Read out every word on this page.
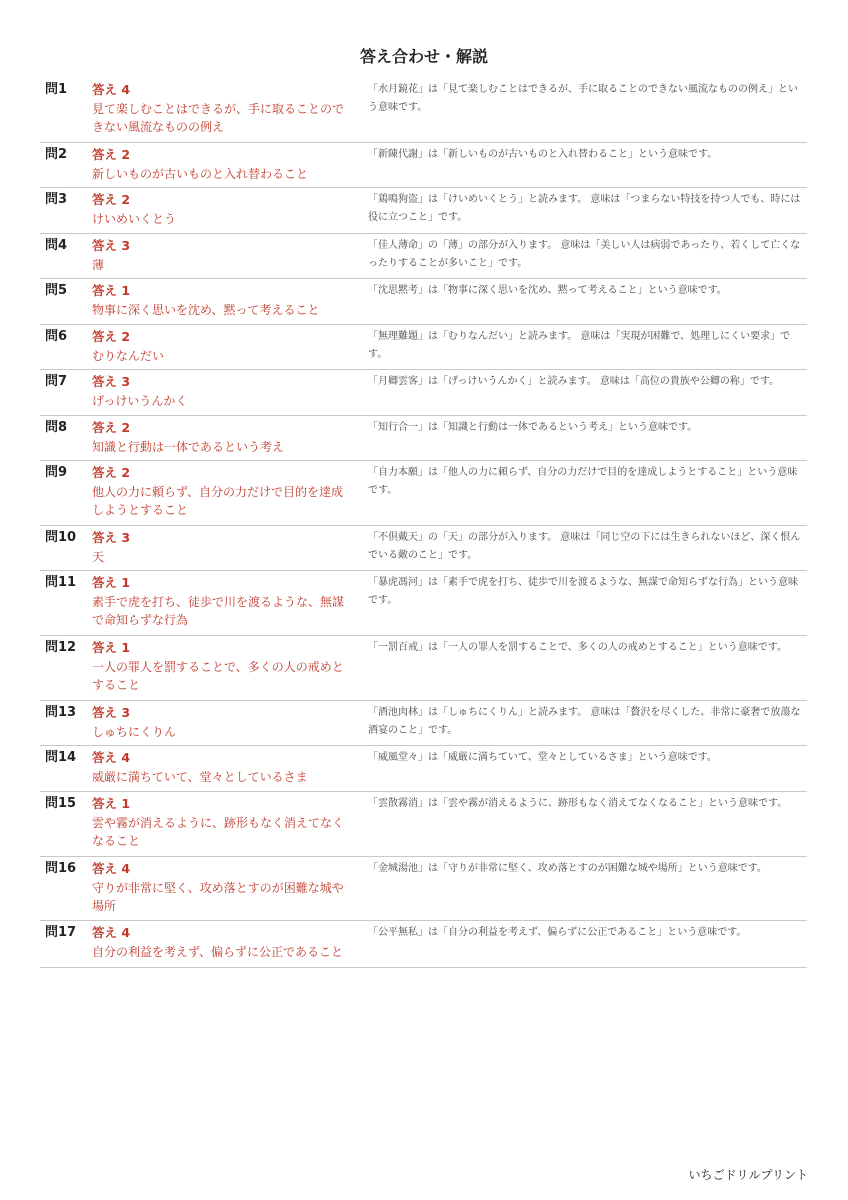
答え合わせ・解説
問1	答え 4
見て楽しむことはできるが、手に取ることのできない風流なものの例え
「水月鏡花」は「見て楽しむことはできるが、手に取ることのできない風流なものの例え」という意味です。
問2	答え 2
新しいものが古いものと入れ替わること
「新陳代謝」は「新しいものが古いものと入れ替わること」という意味です。
問3	答え 2
けいめいくとう
「鶏鳴狗盗」は「けいめいくとう」と読みます。 意味は「つまらない特技を持つ人でも、時には役に立つこと」です。
問4	答え 3
薄
「佳人薄命」の「薄」の部分が入ります。 意味は「美しい人は病弱であったり、若くして亡くなったりすることが多いこと」です。
問5	答え 1
物事に深く思いを沈め、黙って考えること
「沈思黙考」は「物事に深く思いを沈め、黙って考えること」という意味です。
問6	答え 2
むりなんだい
「無理難題」は「むりなんだい」と読みます。 意味は「実現が困難で、処理しにくい要求」です。
問7	答え 3
げっけいうんかく
「月卿雲客」は「げっけいうんかく」と読みます。 意味は「高位の貴族や公卿の称」です。
問8	答え 2
知識と行動は一体であるという考え
「知行合一」は「知識と行動は一体であるという考え」という意味です。
問9	答え 2
他人の力に頼らず、自分の力だけで目的を達成しようとすること
「自力本願」は「他人の力に頼らず、自分の力だけで目的を達成しようとすること」という意味です。
問10	答え 3
天
「不倶戴天」の「天」の部分が入ります。 意味は「同じ空の下には生きられないほど、深く恨んでいる敵のこと」です。
問11	答え 1
素手で虎を打ち、徒歩で川を渡るような、無謀で命知らずな行為
「暴虎馮河」は「素手で虎を打ち、徒歩で川を渡るような、無謀で命知らずな行為」という意味です。
問12	答え 1
一人の罪人を罰することで、多くの人の戒めとすること
「一罰百戒」は「一人の罪人を罰することで、多くの人の戒めとすること」という意味です。
問13	答え 3
しゅちにくりん
「酒池肉林」は「しゅちにくりん」と読みます。 意味は「贅沢を尽くした、非常に豪奢で放蕩な酒宴のこと」です。
問14	答え 4
威厳に満ちていて、堂々としているさま
「威風堂々」は「威厳に満ちていて、堂々としているさま」という意味です。
問15	答え 1
雲や霧が消えるように、跡形もなく消えてなくなること
「雲散霧消」は「雲や霧が消えるように、跡形もなく消えてなくなること」という意味です。
問16	答え 4
守りが非常に堅く、攻め落とすのが困難な城や場所
「金城湯池」は「守りが非常に堅く、攻め落とすのが困難な城や場所」という意味です。
問17	答え 4
自分の利益を考えず、偏らずに公正であること
「公平無私」は「自分の利益を考えず、偏らずに公正であること」という意味です。
いちごドリルプリント
